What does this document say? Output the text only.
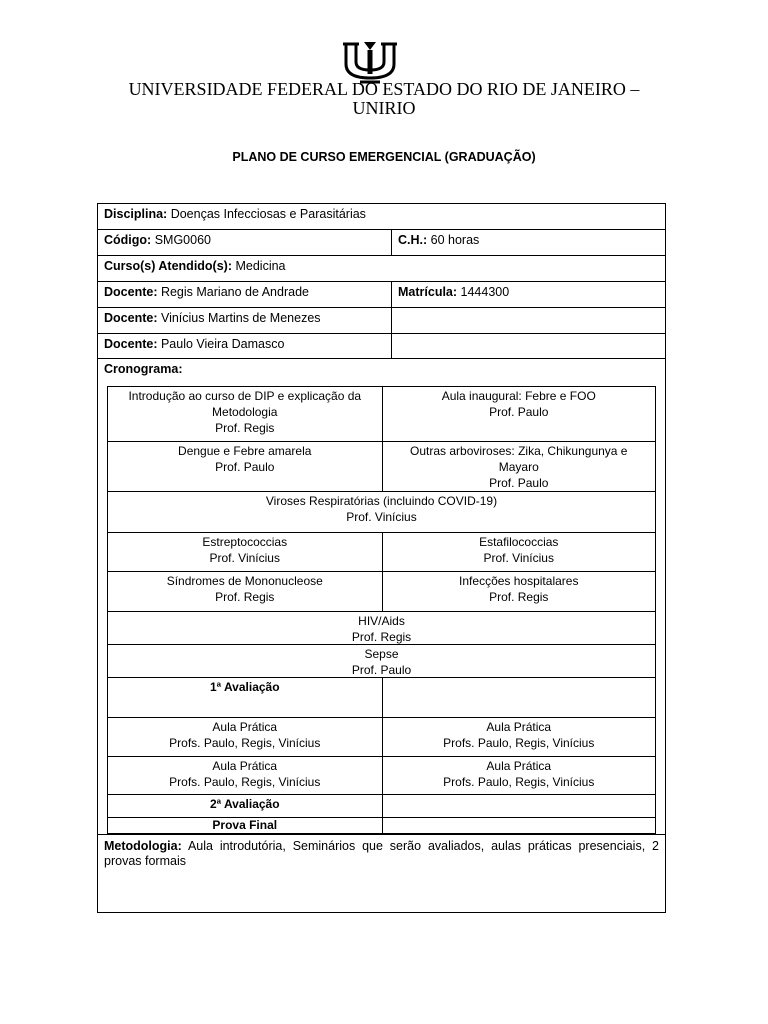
UNIVERSIDADE FEDERAL DO ESTADO DO RIO DE JANEIRO –
UNIRIO
PLANO DE CURSO EMERGENCIAL (GRADUAÇÃO)
Disciplina: Doenças Infecciosas e Parasitárias
Código: SMG0060	C.H.: 60 horas
Curso(s) Atendido(s): Medicina
Docente: Regis Mariano de Andrade	Matrícula: 1444300
Docente: Vinícius Martins de Menezes
Docente: Paulo Vieira Damasco
Cronograma:
Metodologia: Aula introdutória, Seminários que serão avaliados, aulas práticas presenciais, 2 provas formais
Introdução ao curso de DIP e explicação da
Metodologia
Prof. Regis
Aula inaugural: Febre e FOO
Prof. Paulo
Dengue e Febre amarela
Prof. Paulo
Outras arboviroses: Zika, Chikungunya e
Mayaro
Prof. Paulo
Viroses Respiratórias (incluindo COVID-19)
Prof. Vinícius
Estreptococcias
Prof. Vinícius
Estafilococcias
Prof. Vinícius
Síndromes de Mononucleose
Prof. Regis
Infecções hospitalares
Prof. Regis
HIV/Aids
Prof. Regis
Sepse
Prof. Paulo
1ª Avaliação
Aula Prática
Profs. Paulo, Regis, Vinícius
Aula Prática
Profs. Paulo, Regis, Vinícius
Aula Prática
Profs. Paulo, Regis, Vinícius
Aula Prática
Profs. Paulo, Regis, Vinícius
2ª Avaliação
Prova Final
